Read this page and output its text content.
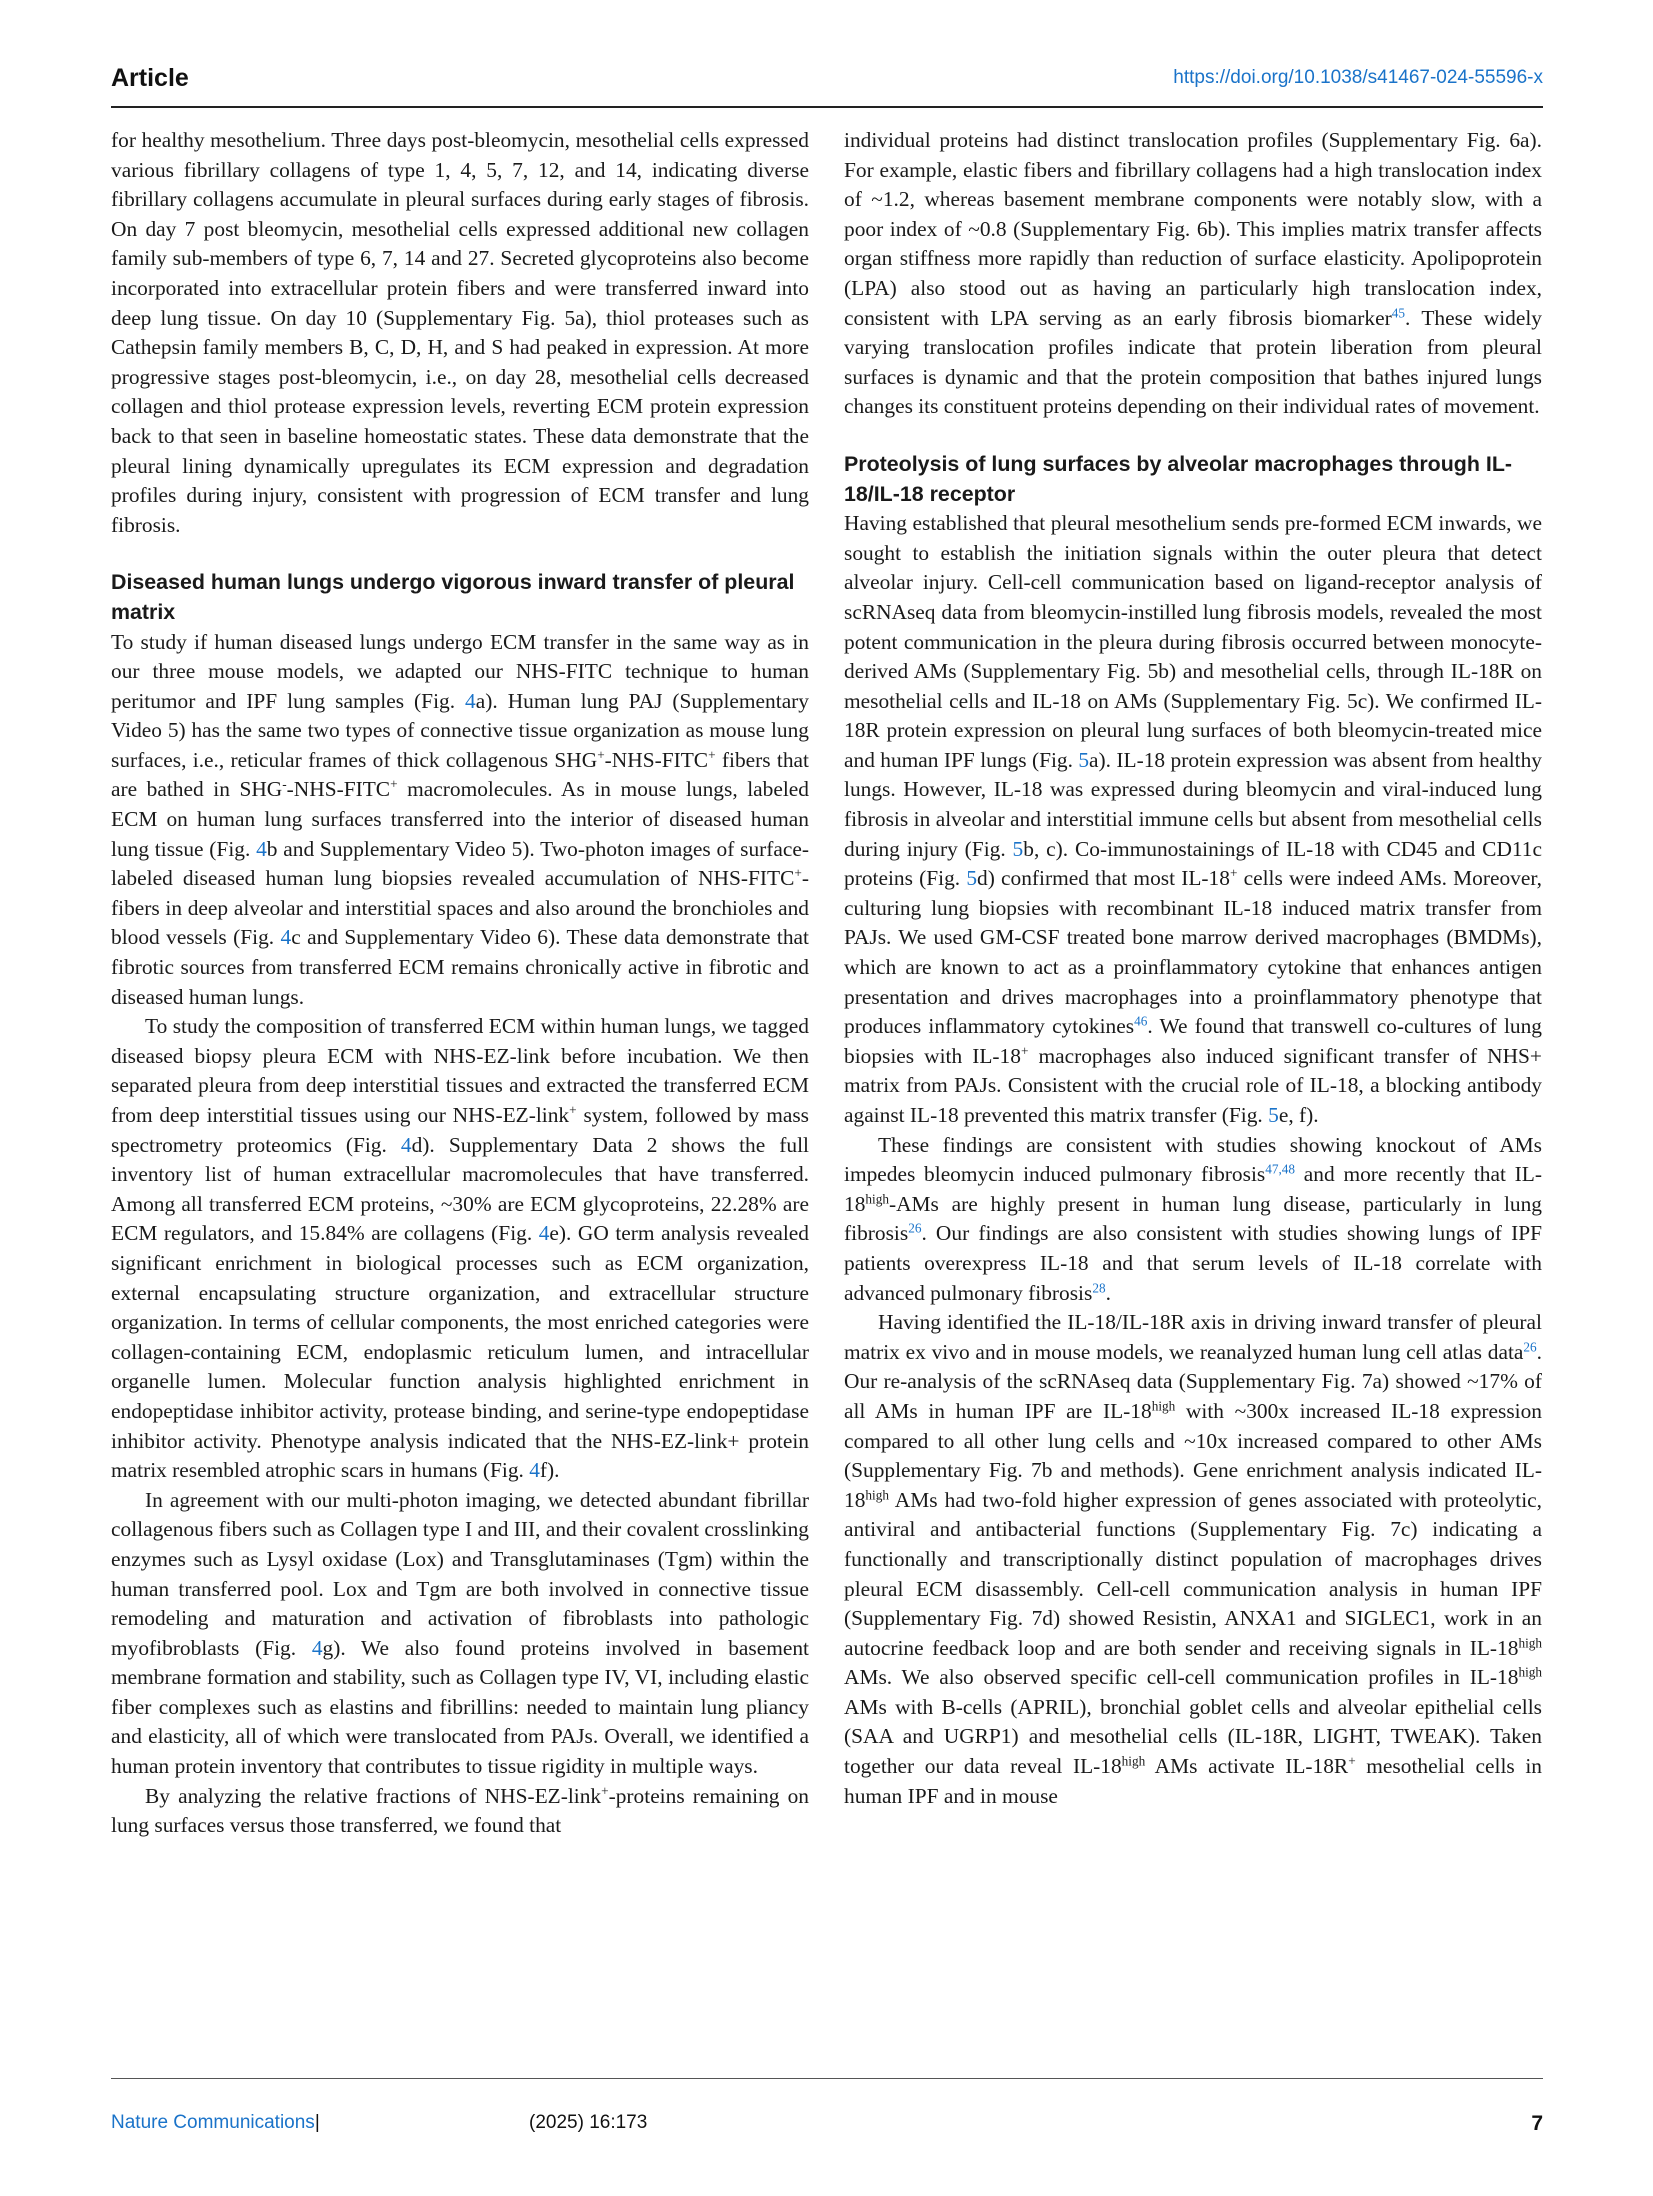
Article	https://doi.org/10.1038/s41467-024-55596-x

for healthy mesothelium. Three days post-bleomycin, mesothelial cells expressed various fibrillary collagens of type 1, 4, 5, 7, 12, and 14, indicating diverse fibrillary collagens accumulate in pleural surfaces during early stages of fibrosis. On day 7 post bleomycin, mesothelial cells expressed additional new collagen family sub-members of type 6, 7, 14 and 27. Secreted glycoproteins also become incorporated into extracellular protein fibers and were transferred inward into deep lung tissue. On day 10 (Supplementary Fig. 5a), thiol proteases such as Cathepsin family members B, C, D, H, and S had peaked in expression. At more progressive stages post-bleomycin, i.e., on day 28, mesothelial cells decreased collagen and thiol protease expression levels, reverting ECM protein expression back to that seen in baseline homeostatic states. These data demonstrate that the pleural lining dynamically upregulates its ECM expression and degradation profiles during injury, consistent with progression of ECM transfer and lung fibrosis.

Diseased human lungs undergo vigorous inward transfer of pleural matrix

To study if human diseased lungs undergo ECM transfer in the same way as in our three mouse models, we adapted our NHS-FITC technique to human peritumor and IPF lung samples (Fig. 4a). Human lung PAJ (Supplementary Video 5) has the same two types of connective tissue organization as mouse lung surfaces, i.e., reticular frames of thick collagenous SHG+-NHS-FITC+ fibers that are bathed in SHG--NHS-FITC+ macromolecules. As in mouse lungs, labeled ECM on human lung surfaces transferred into the interior of diseased human lung tissue (Fig. 4b and Supplementary Video 5). Two-photon images of surface-labeled diseased human lung biopsies revealed accumulation of NHS-FITC+-fibers in deep alveolar and interstitial spaces and also around the bronchioles and blood vessels (Fig. 4c and Supplementary Video 6). These data demonstrate that fibrotic sources from transferred ECM remains chronically active in fibrotic and diseased human lungs.

To study the composition of transferred ECM within human lungs, we tagged diseased biopsy pleura ECM with NHS-EZ-link before incubation. We then separated pleura from deep interstitial tissues and extracted the transferred ECM from deep interstitial tissues using our NHS-EZ-link+ system, followed by mass spectrometry proteomics (Fig. 4d). Supplementary Data 2 shows the full inventory list of human extracellular macromolecules that have transferred. Among all transferred ECM proteins, ~30% are ECM glycoproteins, 22.28% are ECM regulators, and 15.84% are collagens (Fig. 4e). GO term analysis revealed significant enrichment in biological processes such as ECM organization, external encapsulating structure organization, and extracellular structure organization. In terms of cellular components, the most enriched categories were collagen-containing ECM, endoplasmic reticulum lumen, and intracellular organelle lumen. Molecular function analysis highlighted enrichment in endopeptidase inhibitor activity, protease binding, and serine-type endopeptidase inhibitor activity. Phenotype analysis indicated that the NHS-EZ-link+ protein matrix resembled atrophic scars in humans (Fig. 4f).

In agreement with our multi-photon imaging, we detected abundant fibrillar collagenous fibers such as Collagen type I and III, and their covalent crosslinking enzymes such as Lysyl oxidase (Lox) and Transglutaminases (Tgm) within the human transferred pool. Lox and Tgm are both involved in connective tissue remodeling and maturation and activation of fibroblasts into pathologic myofibroblasts (Fig. 4g). We also found proteins involved in basement membrane formation and stability, such as Collagen type IV, VI, including elastic fiber complexes such as elastins and fibrillins: needed to maintain lung pliancy and elasticity, all of which were translocated from PAJs. Overall, we identified a human protein inventory that contributes to tissue rigidity in multiple ways.

By analyzing the relative fractions of NHS-EZ-link+-proteins remaining on lung surfaces versus those transferred, we found that

individual proteins had distinct translocation profiles (Supplementary Fig. 6a). For example, elastic fibers and fibrillary collagens had a high translocation index of ~1.2, whereas basement membrane components were notably slow, with a poor index of ~0.8 (Supplementary Fig. 6b). This implies matrix transfer affects organ stiffness more rapidly than reduction of surface elasticity. Apolipoprotein (LPA) also stood out as having an particularly high translocation index, consistent with LPA serving as an early fibrosis biomarker$^{45}$. These widely varying translocation profiles indicate that protein liberation from pleural surfaces is dynamic and that the protein composition that bathes injured lungs changes its constituent proteins depending on their individual rates of movement.

Proteolysis of lung surfaces by alveolar macrophages through IL-18/IL-18 receptor

Having established that pleural mesothelium sends pre-formed ECM inwards, we sought to establish the initiation signals within the outer pleura that detect alveolar injury. Cell-cell communication based on ligand-receptor analysis of scRNAseq data from bleomycin-instilled lung fibrosis models, revealed the most potent communication in the pleura during fibrosis occurred between monocyte-derived AMs (Supplementary Fig. 5b) and mesothelial cells, through IL-18R on mesothelial cells and IL-18 on AMs (Supplementary Fig. 5c). We confirmed IL-18R protein expression on pleural lung surfaces of both bleomycin-treated mice and human IPF lungs (Fig. 5a). IL-18 protein expression was absent from healthy lungs. However, IL-18 was expressed during bleomycin and viral-induced lung fibrosis in alveolar and interstitial immune cells but absent from mesothelial cells during injury (Fig. 5b, c). Co-immunostainings of IL-18 with CD45 and CD11c proteins (Fig. 5d) confirmed that most IL-18+ cells were indeed AMs. Moreover, culturing lung biopsies with recombinant IL-18 induced matrix transfer from PAJs. We used GM-CSF treated bone marrow derived macrophages (BMDMs), which are known to act as a proinflammatory cytokine that enhances antigen presentation and drives macrophages into a proinflammatory phenotype that produces inflammatory cytokines$^{46}$. We found that transwell co-cultures of lung biopsies with IL-18+ macrophages also induced significant transfer of NHS+ matrix from PAJs. Consistent with the crucial role of IL-18, a blocking antibody against IL-18 prevented this matrix transfer (Fig. 5e, f).

These findings are consistent with studies showing knockout of AMs impedes bleomycin induced pulmonary fibrosis$^{47,48}$ and more recently that $IL-18^{high}$-AMs are highly present in human lung disease, particularly in lung fibrosis$^{26}$. Our findings are also consistent with studies showing lungs of IPF patients overexpress IL-18 and that serum levels of IL-18 correlate with advanced pulmonary fibrosis$^{28}$.

Having identified the IL-18/IL-18R axis in driving inward transfer of pleural matrix ex vivo and in mouse models, we reanalyzed human lung cell atlas data$^{26}$. Our re-analysis of the scRNAseq data (Supplementary Fig. 7a) showed ~17% of all AMs in human IPF are $IL-18^{high}$ with ~300x increased IL-18 expression compared to all other lung cells and ~10x increased compared to other AMs (Supplementary Fig. 7b and methods). Gene enrichment analysis indicated $IL-18^{high}$ AMs had two-fold higher expression of genes associated with proteolytic, antiviral and antibacterial functions (Supplementary Fig. 7c) indicating a functionally and transcriptionally distinct population of macrophages drives pleural ECM disassembly. Cell-cell communication analysis in human IPF (Supplementary Fig. 7d) showed Resistin, ANXA1 and SIGLEC1, work in an autocrine feedback loop and are both sender and receiving signals in $IL-18^{high}$ AMs. We also observed specific cell-cell communication profiles in $IL-18^{high}$ AMs with B-cells (APRIL), bronchial goblet cells and alveolar epithelial cells (SAA and UGRP1) and mesothelial cells (IL-18R, LIGHT, TWEAK). Taken together our data reveal $IL-18^{high}$ AMs activate IL-18R+ mesothelial cells in human IPF and in mouse

Nature Communications|	(2025) 16:173	7
